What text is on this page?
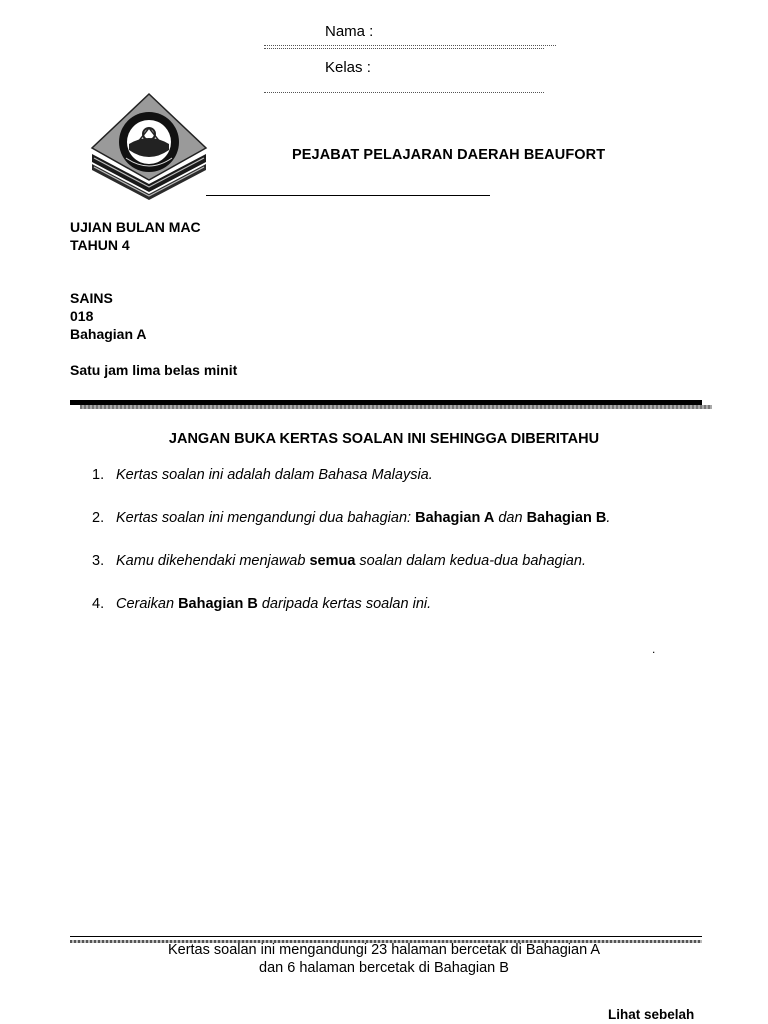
Nama :
Kelas :
PEJABAT PELAJARAN DAERAH BEAUFORT
UJIAN BULAN MAC
TAHUN 4
SAINS
018
Bahagian A
Satu jam lima belas minit
JANGAN BUKA KERTAS SOALAN INI SEHINGGA DIBERITAHU
1. Kertas soalan ini adalah dalam Bahasa Malaysia.
2. Kertas soalan ini mengandungi dua bahagian: Bahagian A dan Bahagian B.
3. Kamu dikehendaki menjawab semua soalan dalam kedua-dua bahagian.
4. Ceraikan Bahagian B daripada kertas soalan ini.
.
Kertas soalan ini mengandungi 23 halaman bercetak di Bahagian A
dan 6 halaman bercetak di Bahagian B
Lihat sebelah
